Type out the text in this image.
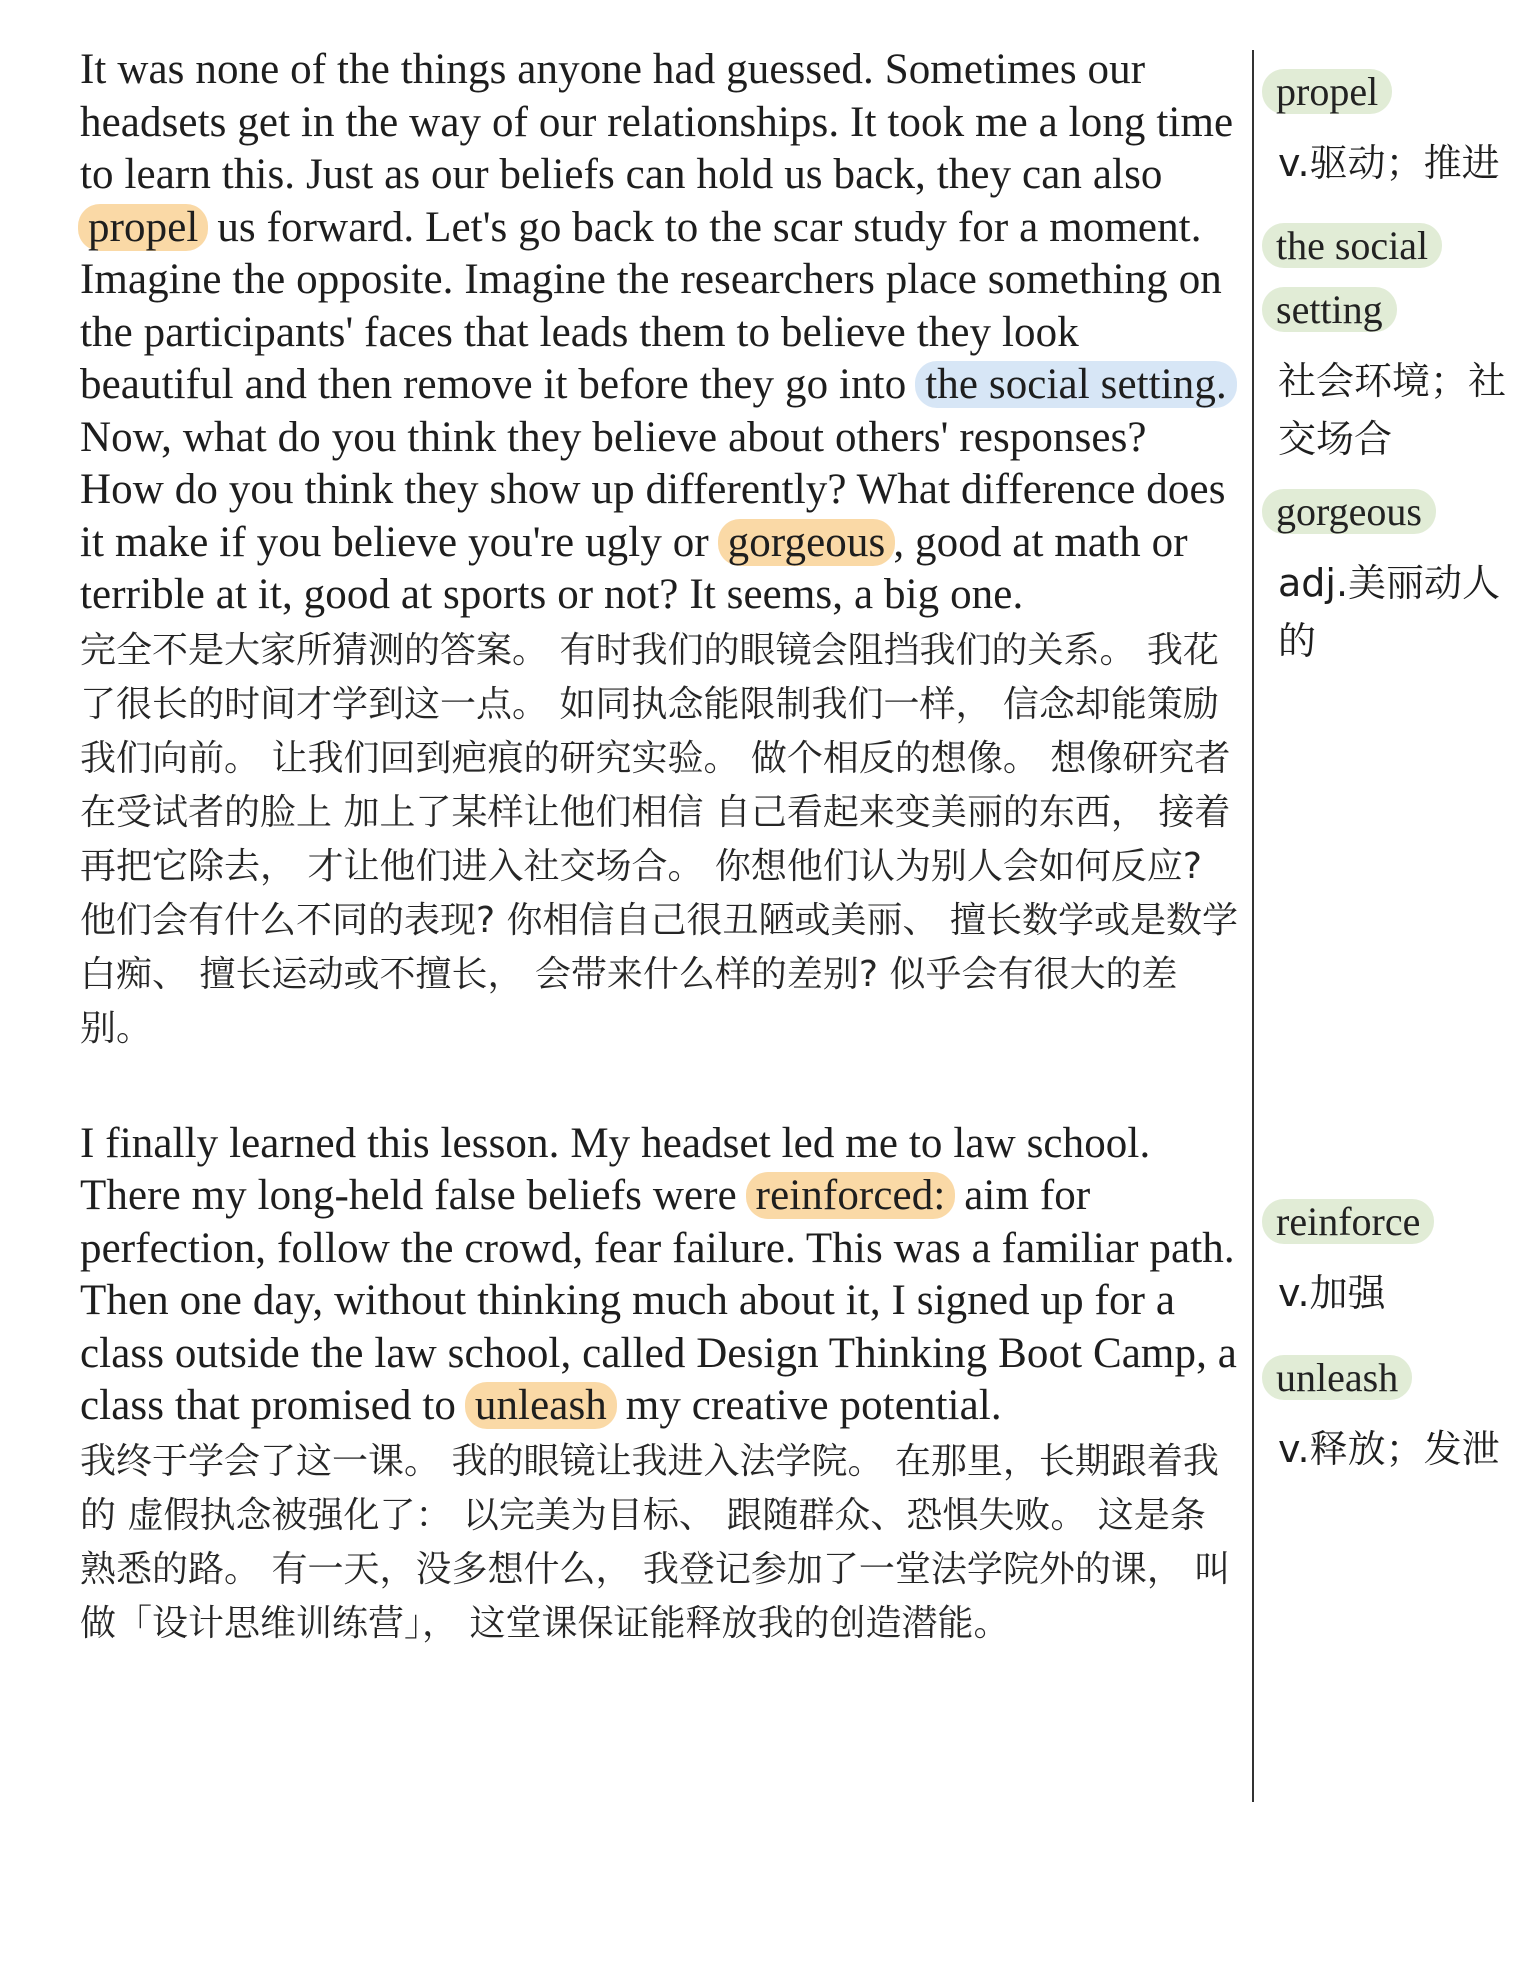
It was none of the things anyone had guessed. Sometimes our headsets get in the way of our relationships. It took me a long time to learn this. Just as our beliefs can hold us back, they can also propel us forward. Let's go back to the scar study for a moment. Imagine the opposite. Imagine the researchers place something on the participants' faces that leads them to believe they look beautiful and then remove it before they go into the social setting. Now, what do you think they believe about others' responses? How do you think they show up differently? What difference does it make if you believe you're ugly or gorgeous , good at math or terrible at it, good at sports or not? It seems, a big one.

完全不是大家所猜测的答案。 有时我们的眼镜会阻挡我们的关系。 我花了很长的时间才学到这一点。 如同执念能限制我们一样， 信念却能策励我们向前。 让我们回到疤痕的研究实验。 做个相反的想像。 想像研究者在受试者的脸上 加上了某样让他们相信 自己看起来变美丽的东西， 接着再把它除去， 才让他们进入社交场合。 你想他们认为别人会如何反应? 他们会有什么不同的表现? 你相信自己很丑陋或美丽、 擅长数学或是数学白痴、 擅长运动或不擅长， 会带来什么样的差别? 似乎会有很大的差别。

I finally learned this lesson. My headset led me to law school. There my long-held false beliefs were reinforced: aim for perfection, follow the crowd, fear failure. This was a familiar path. Then one day, without thinking much about it, I signed up for a class outside the law school, called Design Thinking Boot Camp, a class that promised to unleash my creative potential.

我终于学会了这一课。 我的眼镜让我进入法学院。 在那里，长期跟着我的 虚假执念被强化了： 以完美为目标、 跟随群众、恐惧失败。 这是条熟悉的路。 有一天，没多想什么， 我登记参加了一堂法学院外的课， 叫做「设计思维训练营」， 这堂课保证能释放我的创造潜能。

propel
v.驱动；推进
the social
setting
社会环境；社交场合
gorgeous
adj.美丽动人的
reinforce
v.加强
unleash
v.释放；发泄
